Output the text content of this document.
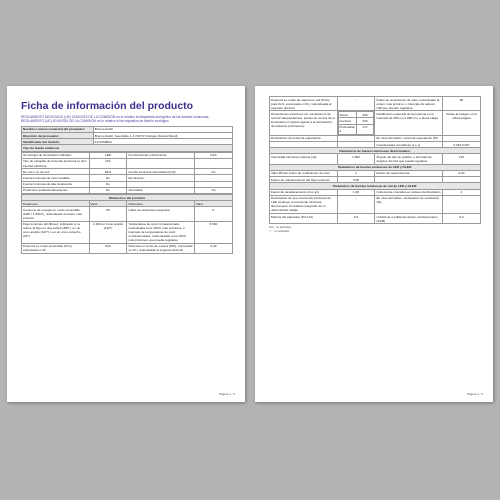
Ficha de información del producto
REGLAMENTO DELEGADO (UE) 2019/2015 DE LA COMISIÓN en lo relativo al etiquetado energético de las fuentes luminosas; REGLAMENTO (UE) 2019/2020 DE LA COMISIÓN en lo relativo a los requisitos de diseño ecológico
Nombre o marca comercial del proveedor:	Brennenstuhl
Dirección del proveedor:	Brennenstuhl, Seestraße 1-3 72074 Tubingen (Deutschland)
Identificador del modelo:	1171250604
Tipo de fuente luminosa:	
Tecnología de iluminación utilizada:	LED	No direccional o direccional	DLS
Tipo de casquillo de la fuente luminosa (u otra interfaz eléctrica)	N/A		
De red o no de red:	MLS	Fuente luminosa conectada (CLS):	No
Fuente luminosa de color variable:	No	Envolvente:	-
Fuente luminosa de alta luminancia:	No		
Protección antideslumbramiento:	No	Atenuable:	No
Parámetros del producto			
Parámetro	Valor	Parámetro	Valor
Consumo de energía en modo encendido (kWh / 1 000 h), redondeado al entero más próximo	50	Clase de eficiencia energética	F
Flujo luminoso útil (Φuse), indicando si se refiere al flujo en una esfera (360°), en un cono amplio (120°) o en un cono estrecho (90°)	4 400 en Cono amplio (120°)	Temperatura de color correlacionada, redondeada a los 100 K más próximos, o intervalo de temperaturas de color correlacionadas, redondeadas a los 100 K más próximos, que pueda regularse	6 500
Potencia en modo encendido (Pon), expresada en W	50,0	Potencia en modo de espera (Psb), expresada en W y redondeada al segundo decimal	0,40
Página 1 / 3
Potencia en modo de espera en red (Pnet) para CLS, expresada en W y redondeada al segundo decimal	-	Índice de rendimiento de color, redondeado al entero más próximo, o intervalo de valores CRI que pueden regularse	80
Dimensiones exteriores sin mecanismos de control independientes, piezas de control de la iluminación ni piezas ajenas a la iluminación, de haberlos (milímetros)	
Altura	306
Anchura	334
Profundidad	171
	Distribución espectral de la potencia en el intervalo de 250 nm a 800 nm, a plena carga	Véase la imagen en la última página
Declaración de potencia equivalente	-	En caso afirmativo, potencia equivalente (W)	-
		Coordenadas cromáticas (x e y)	0,333 0,397
Parámetros de fuentes luminosas direccionales:
Intensidad luminosa máxima (cd)	1 600	Ángulo del haz en grados, o intervalo de ángulos del haz que pueda regularse	115
Parámetros de fuentes luminosas de LED y OLED:
Valor R9 del índice de rendimiento de color	1	Factor de supervivencia	0,90
Factor de mantenimiento del flujo luminoso	0,90		
Parámetros de fuentes luminosas de red de LED y OLED:
Factor de desplazamiento (cos φ1)	1,00	Coherencia cromática en elipses de MacAdam	2
Declaración de que una fuente luminosa de LED sustituye a una fuente luminosa fluorescente sin balasto integrado de un determinado vatiaje	-	En caso afirmativo, declaración de sustitución (W)	-
Métrica del parpadeo (Pst LM)	0,2	Unidad de medida del efecto estroboscópico (SVM)	0,4
N/A : no aplicable;
"-" : no aplicable;
Página 2 / 3
